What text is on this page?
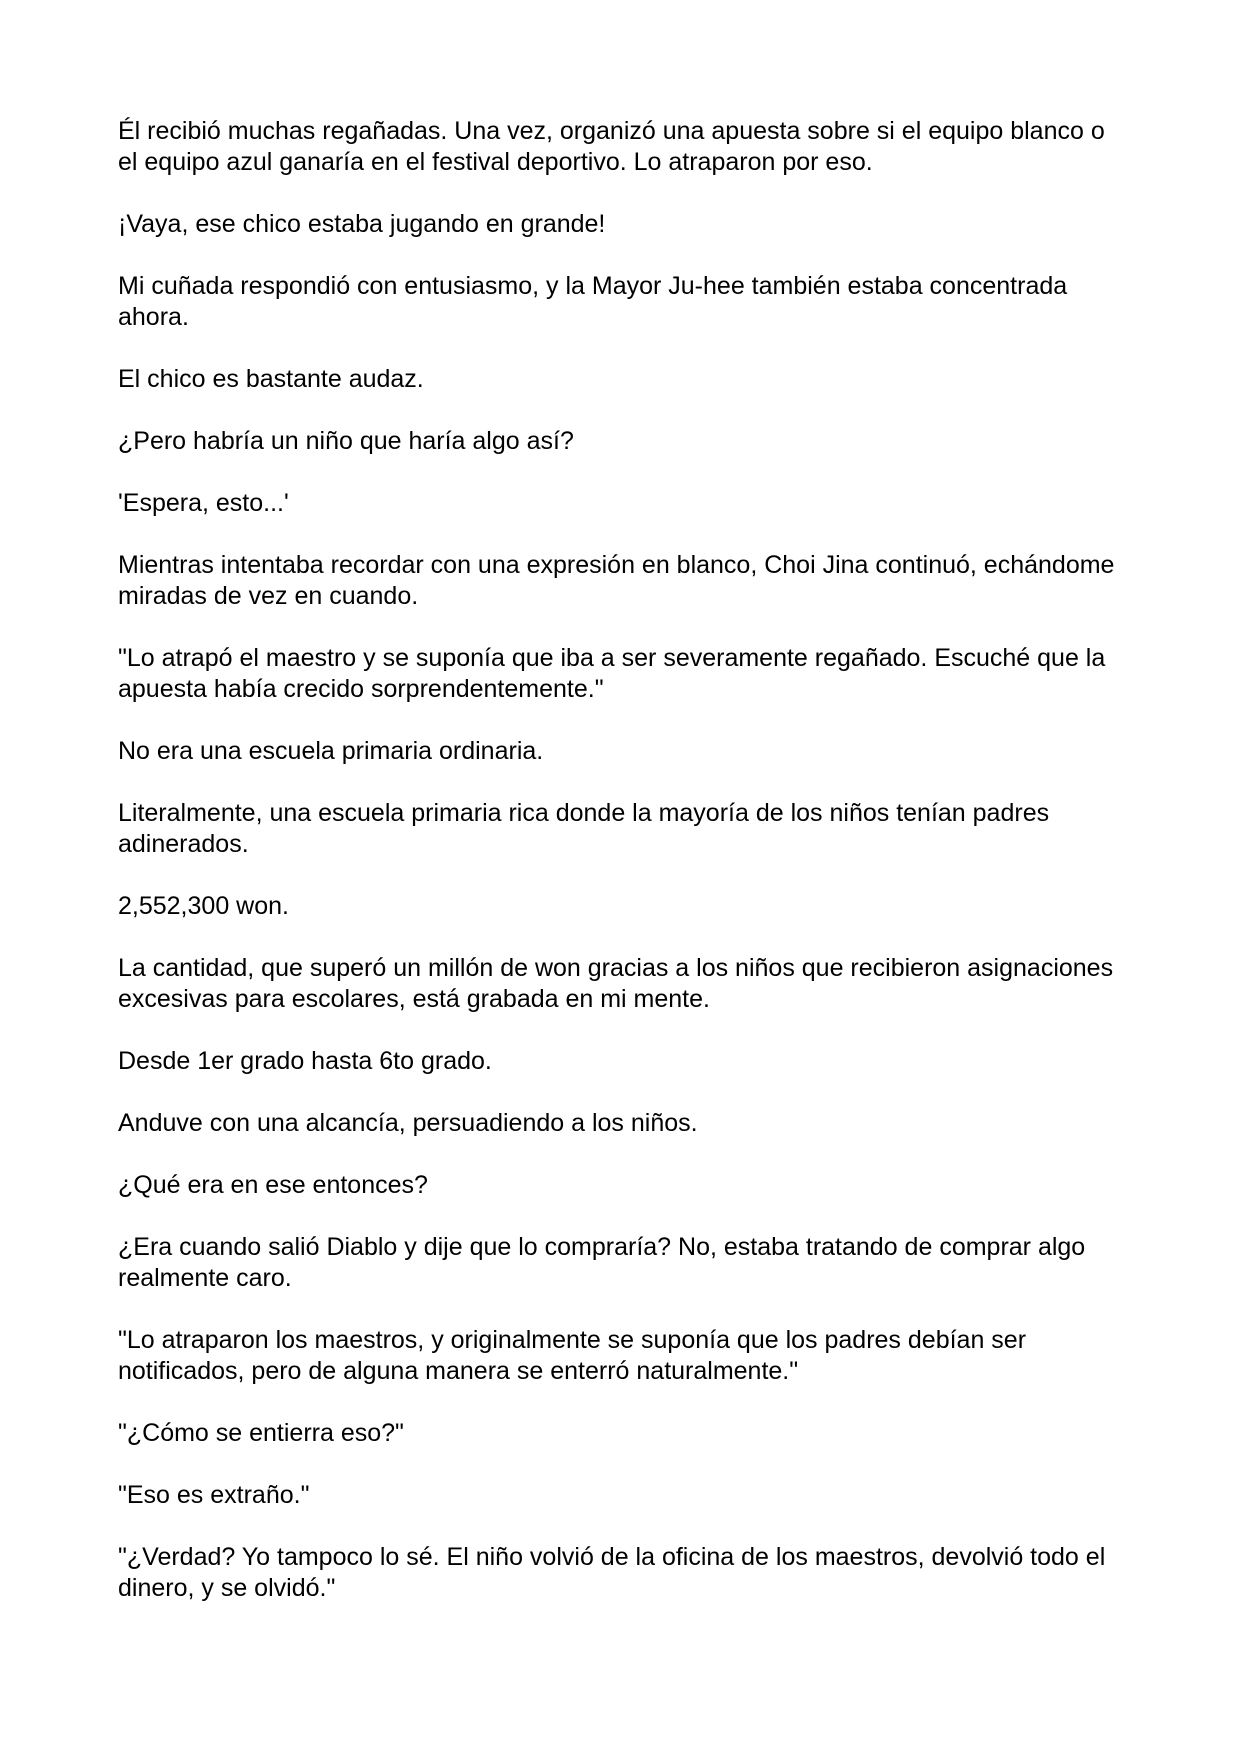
Él recibió muchas regañadas. Una vez, organizó una apuesta sobre si el equipo blanco o el equipo azul ganaría en el festival deportivo. Lo atraparon por eso.

¡Vaya, ese chico estaba jugando en grande!

Mi cuñada respondió con entusiasmo, y la Mayor Ju-hee también estaba concentrada ahora.

El chico es bastante audaz.

¿Pero habría un niño que haría algo así?

'Espera, esto...'

Mientras intentaba recordar con una expresión en blanco, Choi Jina continuó, echándome miradas de vez en cuando.

"Lo atrapó el maestro y se suponía que iba a ser severamente regañado. Escuché que la apuesta había crecido sorprendentemente."

No era una escuela primaria ordinaria.

Literalmente, una escuela primaria rica donde la mayoría de los niños tenían padres adinerados.

2,552,300 won.

La cantidad, que superó un millón de won gracias a los niños que recibieron asignaciones excesivas para escolares, está grabada en mi mente.

Desde 1er grado hasta 6to grado.

Anduve con una alcancía, persuadiendo a los niños.

¿Qué era en ese entonces?

¿Era cuando salió Diablo y dije que lo compraría? No, estaba tratando de comprar algo realmente caro.

"Lo atraparon los maestros, y originalmente se suponía que los padres debían ser notificados, pero de alguna manera se enterró naturalmente."

"¿Cómo se entierra eso?"

"Eso es extraño."

"¿Verdad? Yo tampoco lo sé. El niño volvió de la oficina de los maestros, devolvió todo el dinero, y se olvidó."
